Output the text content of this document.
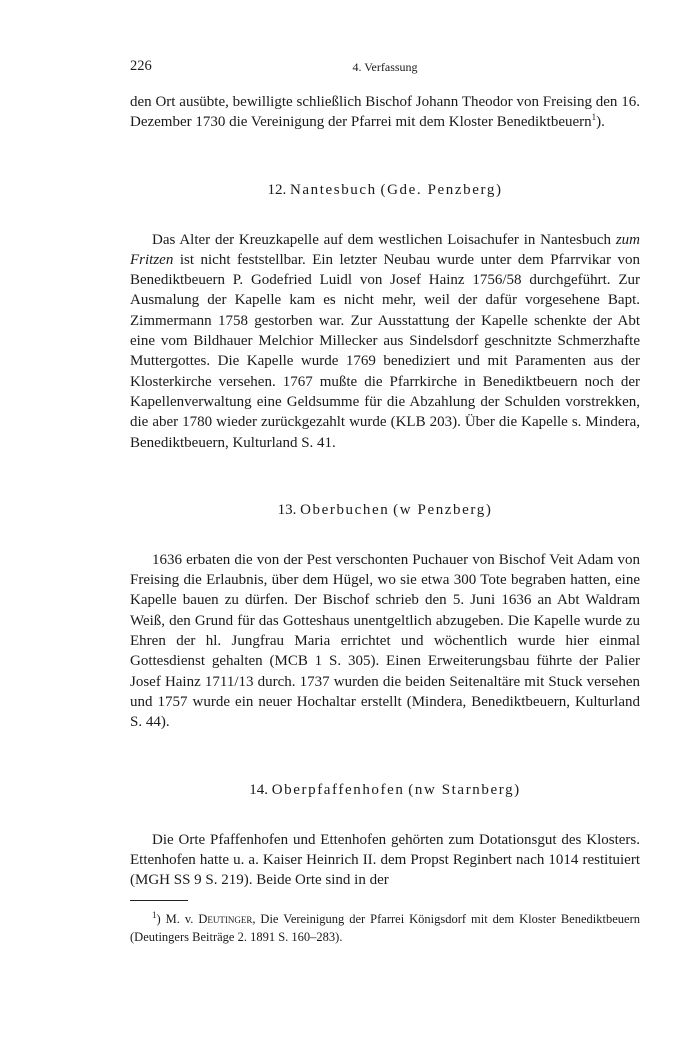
226	4. Verfassung

den Ort ausübte, bewilligte schließlich Bischof Johann Theodor von Freising den 16. Dezember 1730 die Vereinigung der Pfarrei mit dem Kloster Benediktbeuern$^1$).

12. Nantesbuch (Gde. Penzberg)

Das Alter der Kreuzkapelle auf dem westlichen Loisachufer in Nantesbuch zum Fritzen ist nicht feststellbar. Ein letzter Neubau wurde unter dem Pfarrvikar von Benediktbeuern P. Godefried Luidl von Josef Hainz 1756/58 durchgeführt. Zur Ausmalung der Kapelle kam es nicht mehr, weil der dafür vorgesehene Bapt. Zimmermann 1758 gestorben war. Zur Ausstattung der Kapelle schenkte der Abt eine vom Bildhauer Melchior Millecker aus Sindelsdorf geschnitzte Schmerzhafte Muttergottes. Die Kapelle wurde 1769 benediziert und mit Paramenten aus der Klosterkirche versehen. 1767 mußte die Pfarrkirche in Benediktbeuern noch der Kapellenverwaltung eine Geldsumme für die Abzahlung der Schulden vorstrekken, die aber 1780 wieder zurückgezahlt wurde (KLB 203). Über die Kapelle s. Mindera, Benediktbeuern, Kulturland S. 41.

13. Oberbuchen (w Penzberg)

1636 erbaten die von der Pest verschonten Puchauer von Bischof Veit Adam von Freising die Erlaubnis, über dem Hügel, wo sie etwa 300 Tote begraben hatten, eine Kapelle bauen zu dürfen. Der Bischof schrieb den 5. Juni 1636 an Abt Waldram Weiß, den Grund für das Gotteshaus unentgeltlich abzugeben. Die Kapelle wurde zu Ehren der hl. Jungfrau Maria errichtet und wöchentlich wurde hier einmal Gottesdienst gehalten (MCB 1 S. 305). Einen Erweiterungsbau führte der Palier Josef Hainz 1711/13 durch. 1737 wurden die beiden Seitenaltäre mit Stuck versehen und 1757 wurde ein neuer Hochaltar erstellt (Mindera, Benediktbeuern, Kulturland S. 44).

14. Oberpfaffenhofen (nw Starnberg)

Die Orte Pfaffenhofen und Ettenhofen gehörten zum Dotationsgut des Klosters. Ettenhofen hatte u. a. Kaiser Heinrich II. dem Propst Reginbert nach 1014 restituiert (MGH SS 9 S. 219). Beide Orte sind in der

$^1$) M. v. Deutinger, Die Vereinigung der Pfarrei Königsdorf mit dem Kloster Benediktbeuern (Deutingers Beiträge 2. 1891 S. 160–283).
